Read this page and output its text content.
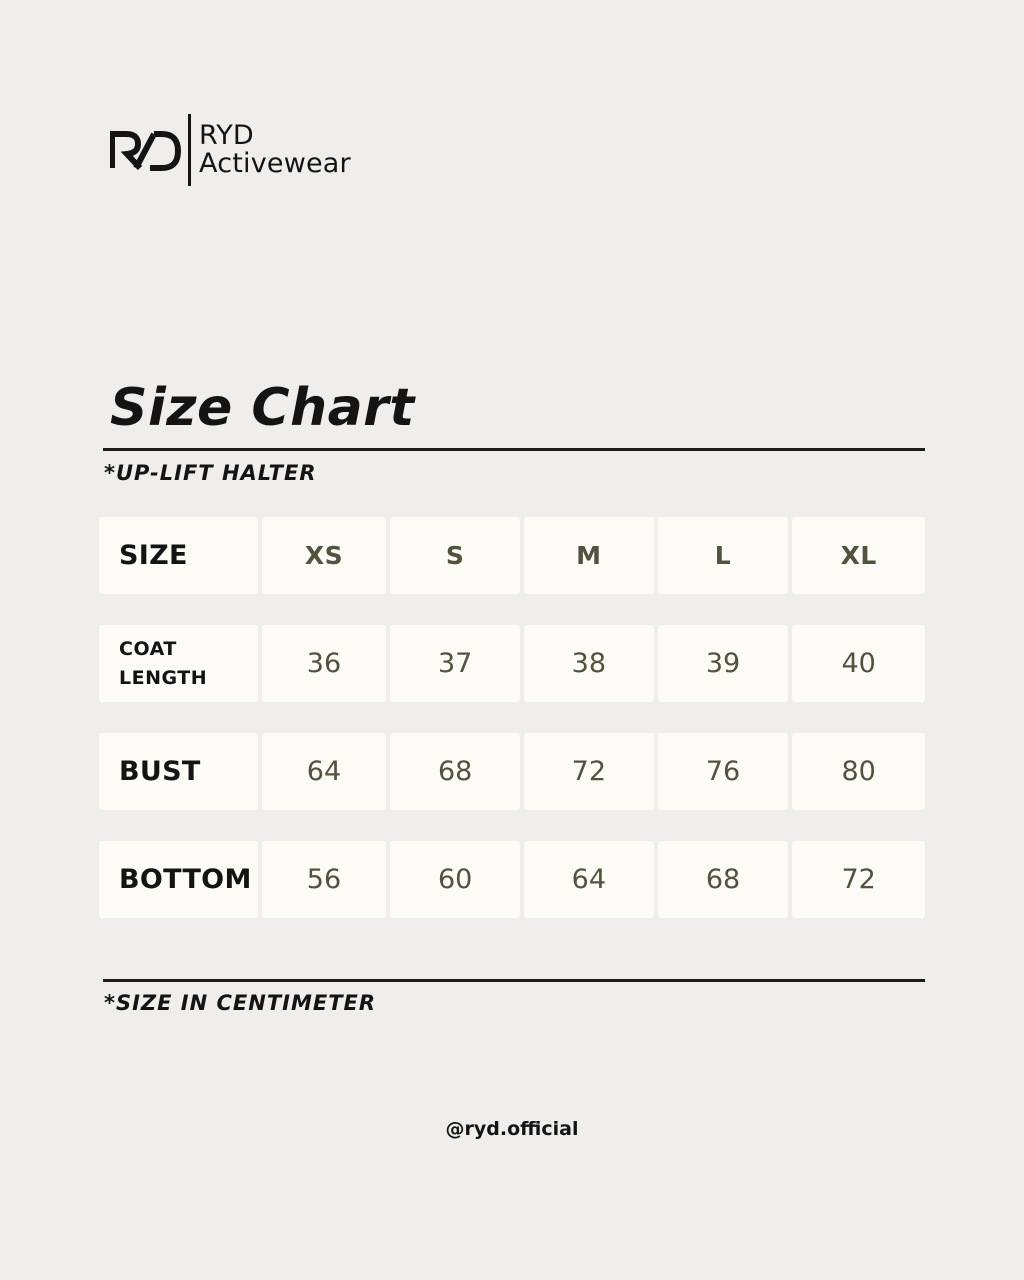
RYD
Activewear
Size Chart
*UP-LIFT HALTER
SIZE	XS	S	M	L	XL
COAT LENGTH	36	37	38	39	40
BUST	64	68	72	76	80
BOTTOM 56	60	64	68	72
*SIZE IN CENTIMETER
@ryd.official
